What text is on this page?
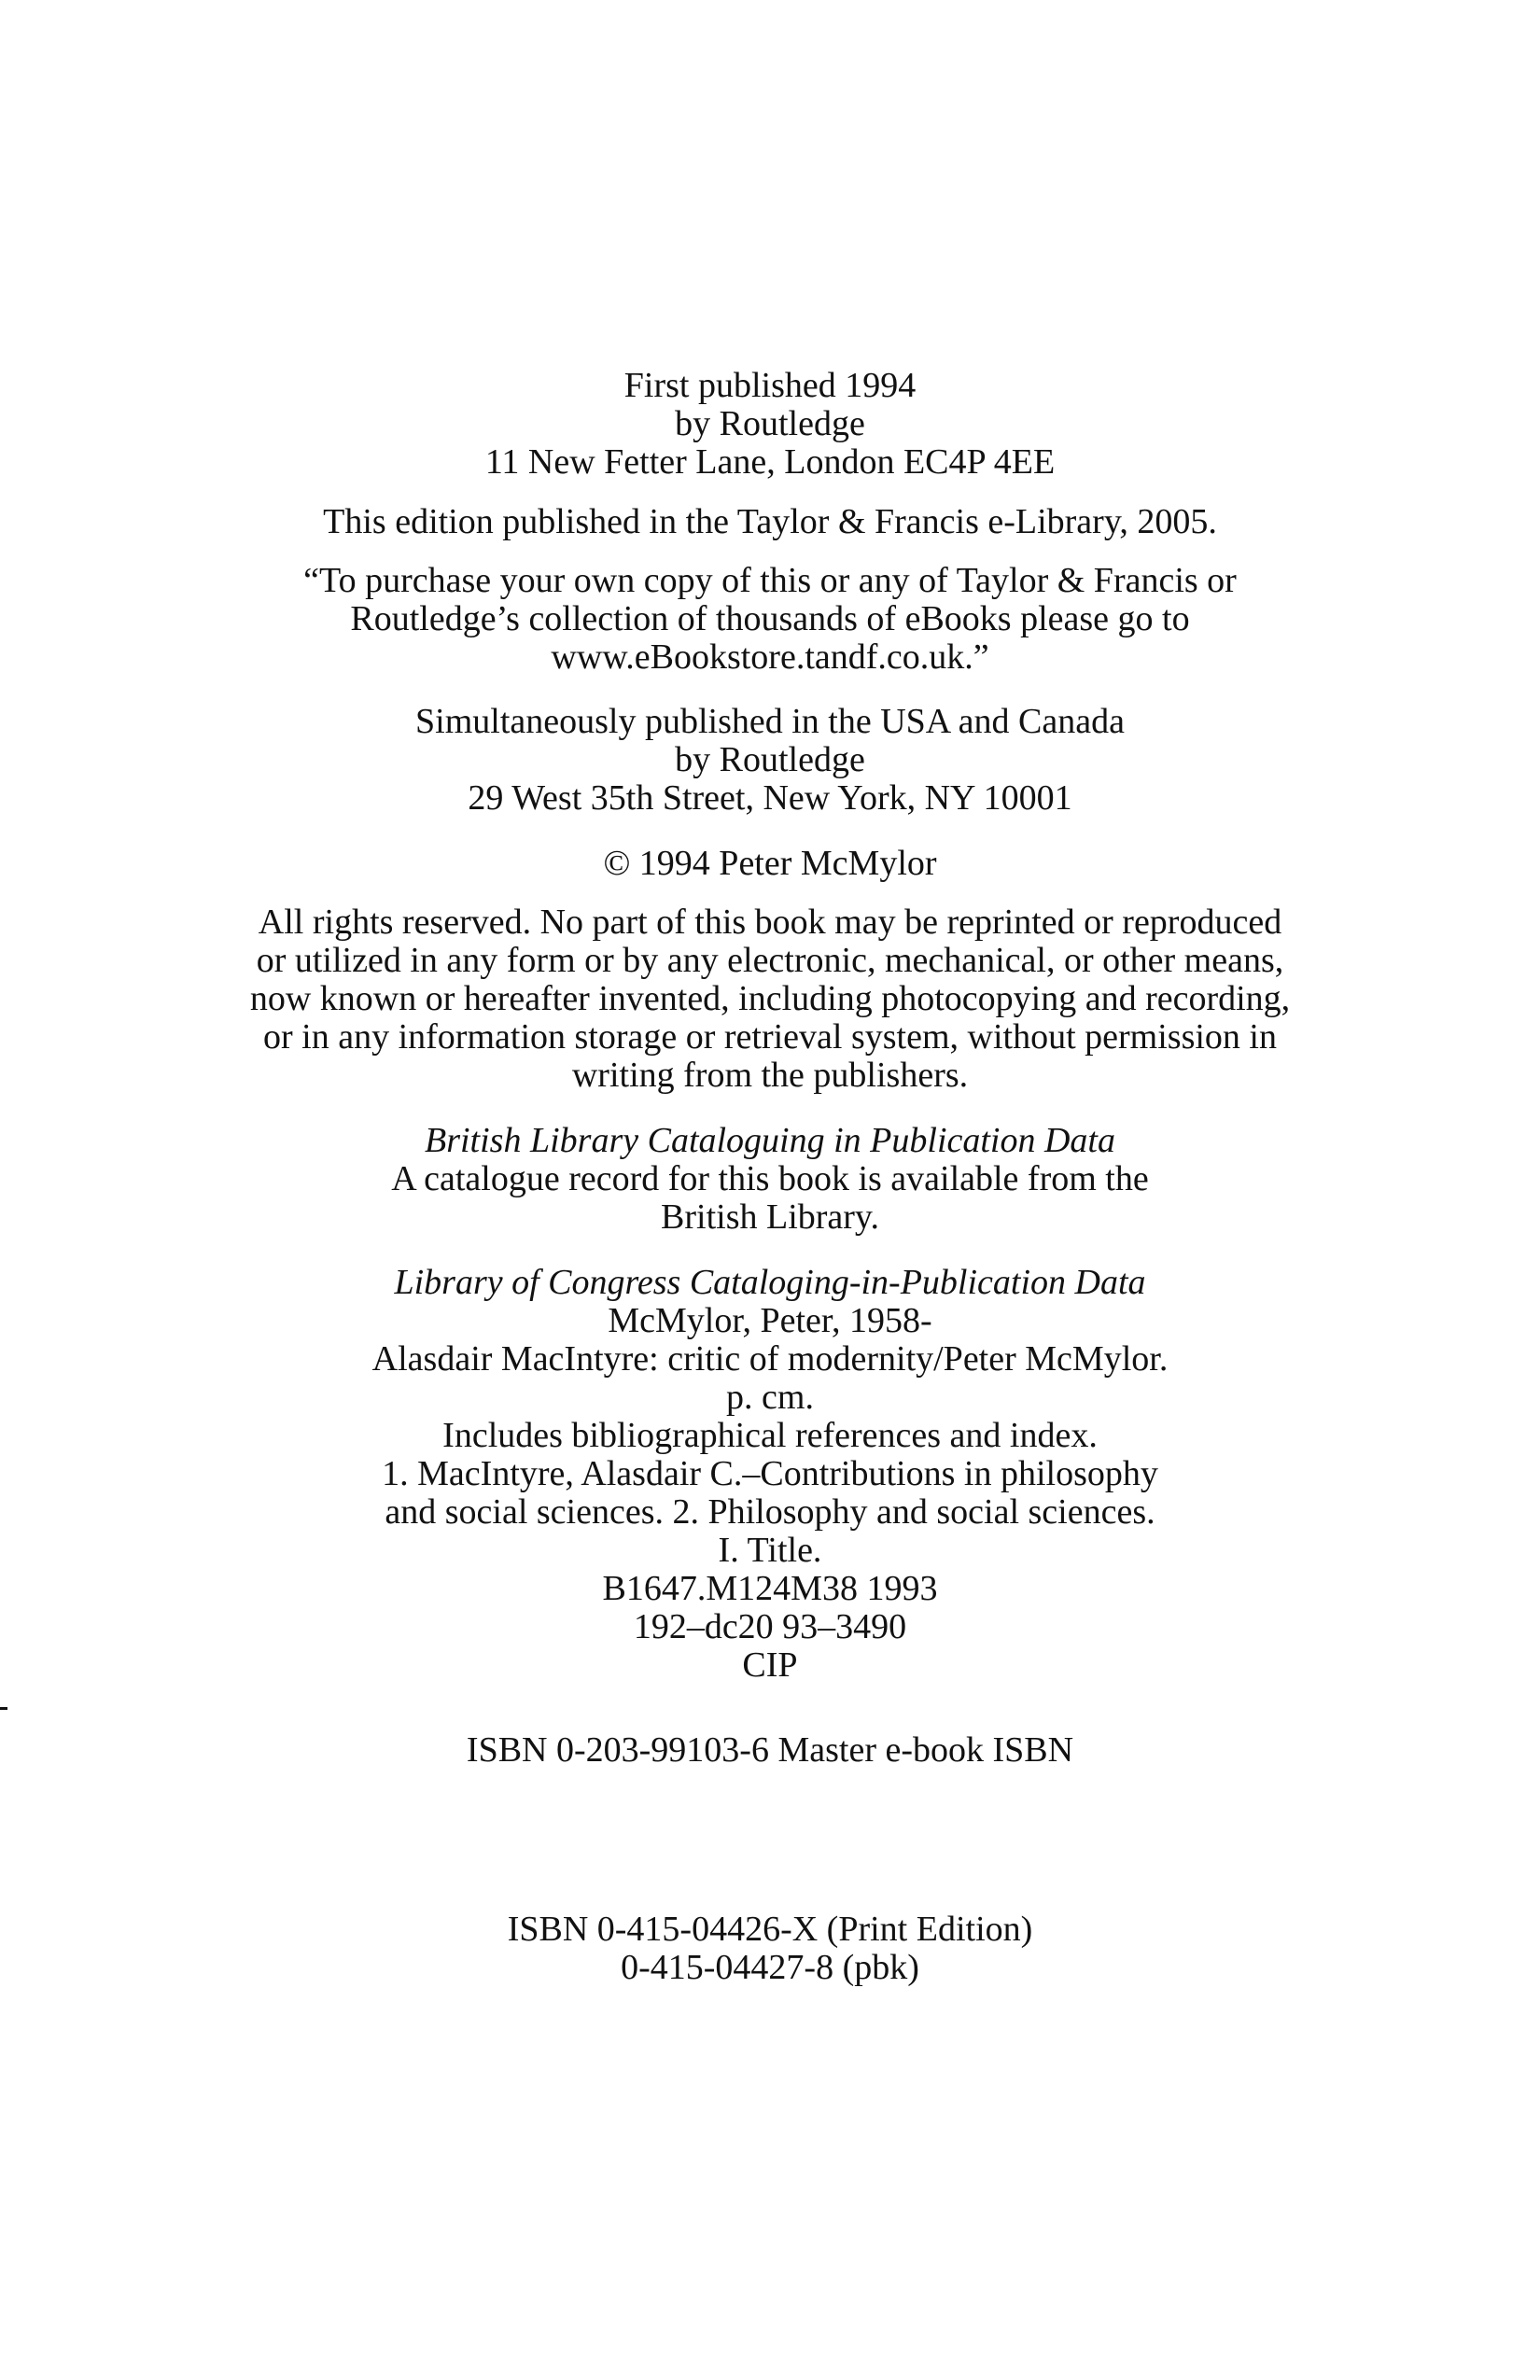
First published 1994
by Routledge
11 New Fetter Lane, London EC4P 4EE
This edition published in the Taylor & Francis e-Library, 2005.
“To purchase your own copy of this or any of Taylor & Francis or
Routledge’s collection of thousands of eBooks please go to
www.eBookstore.tandf.co.uk.”
Simultaneously published in the USA and Canada
by Routledge
29 West 35th Street, New York, NY 10001
© 1994 Peter McMylor
All rights reserved. No part of this book may be reprinted or reproduced
or utilized in any form or by any electronic, mechanical, or other means,
now known or hereafter invented, including photocopying and recording,
or in any information storage or retrieval system, without permission in
writing from the publishers.
British Library Cataloguing in Publication Data
A catalogue record for this book is available from the
British Library.
Library of Congress Cataloging-in-Publication Data
McMylor, Peter, 1958-
Alasdair MacIntyre: critic of modernity/Peter McMylor.
p. cm.
Includes bibliographical references and index.
1. MacIntyre, Alasdair C.–Contributions in philosophy
and social sciences. 2. Philosophy and social sciences.
I. Title.
B1647.M124M38 1993
192–dc20 93–3490
CIP
ISBN 0-203-99103-6 Master e-book ISBN
ISBN 0-415-04426-X (Print Edition)
0-415-04427-8 (pbk)
